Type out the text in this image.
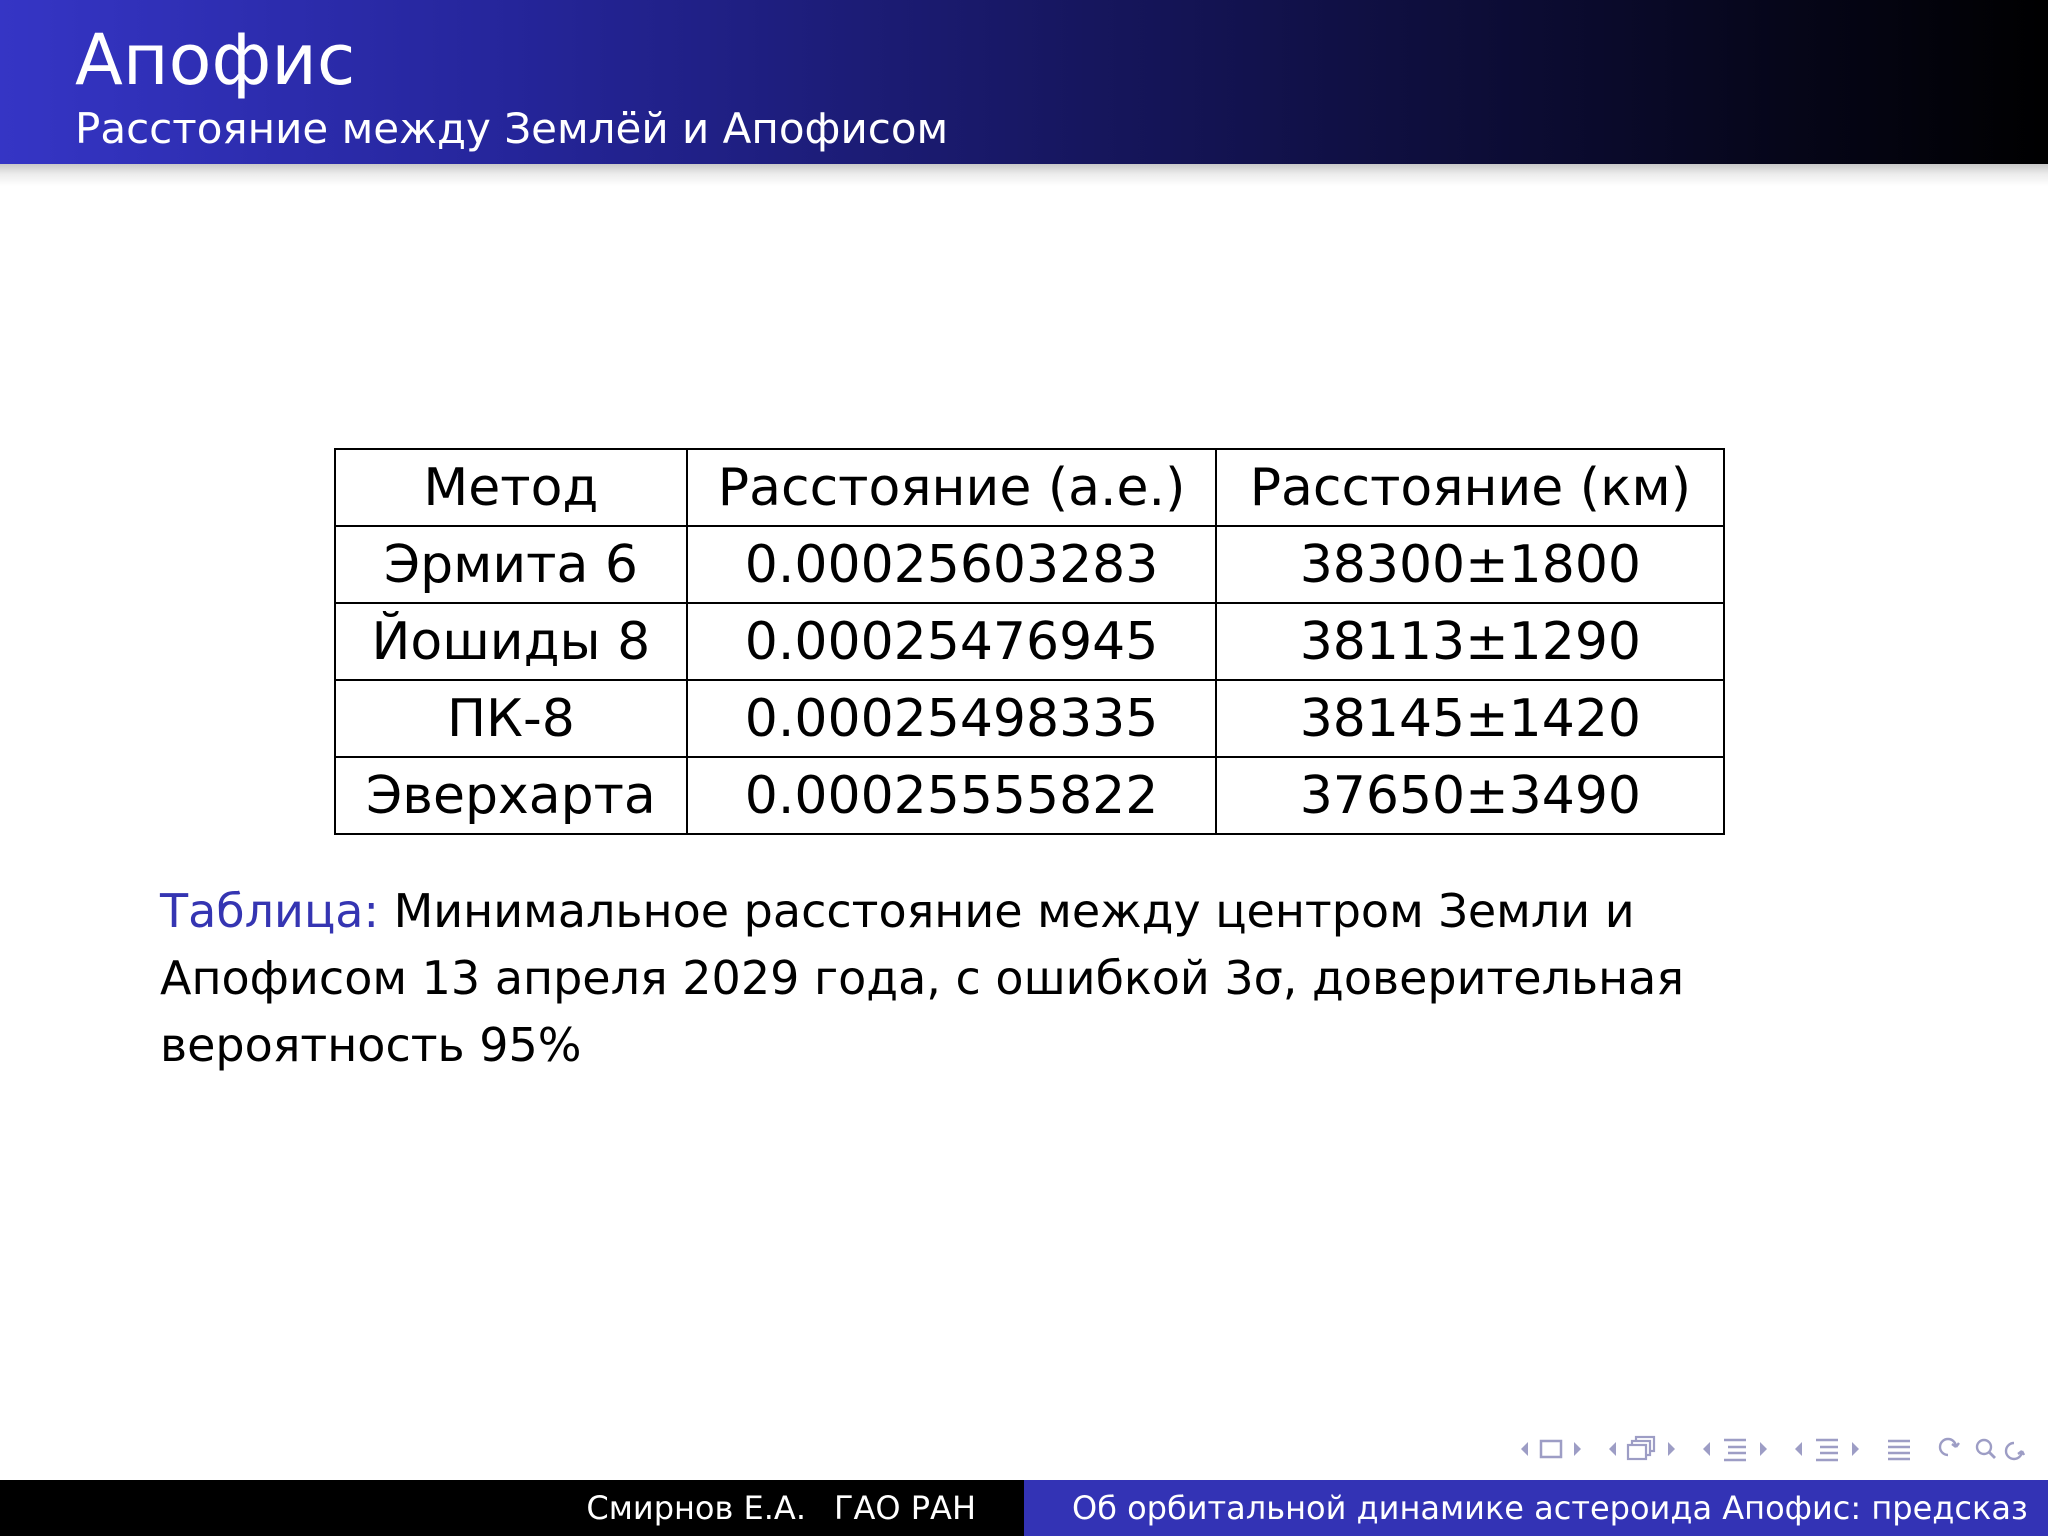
Апофис
Расстояние между Землёй и Апофисом
Метод	Расстояние (а.е.)	Расстояние (км)
Эрмита 6	0.00025603283	38300±1800
Йошиды 8	0.00025476945	38113±1290
ПК-8	0.00025498335	38145±1420
Эверхарта	0.00025555822	37650±3490

Таблица: Минимальное расстояние между центром Земли и Апофисом 13 апреля 2029 года, с ошибкой 3σ, доверительная вероятность 95%

Смирнов Е.А. ГАО РАН	Об орбитальной динамике астероида Апофис: предсказ
